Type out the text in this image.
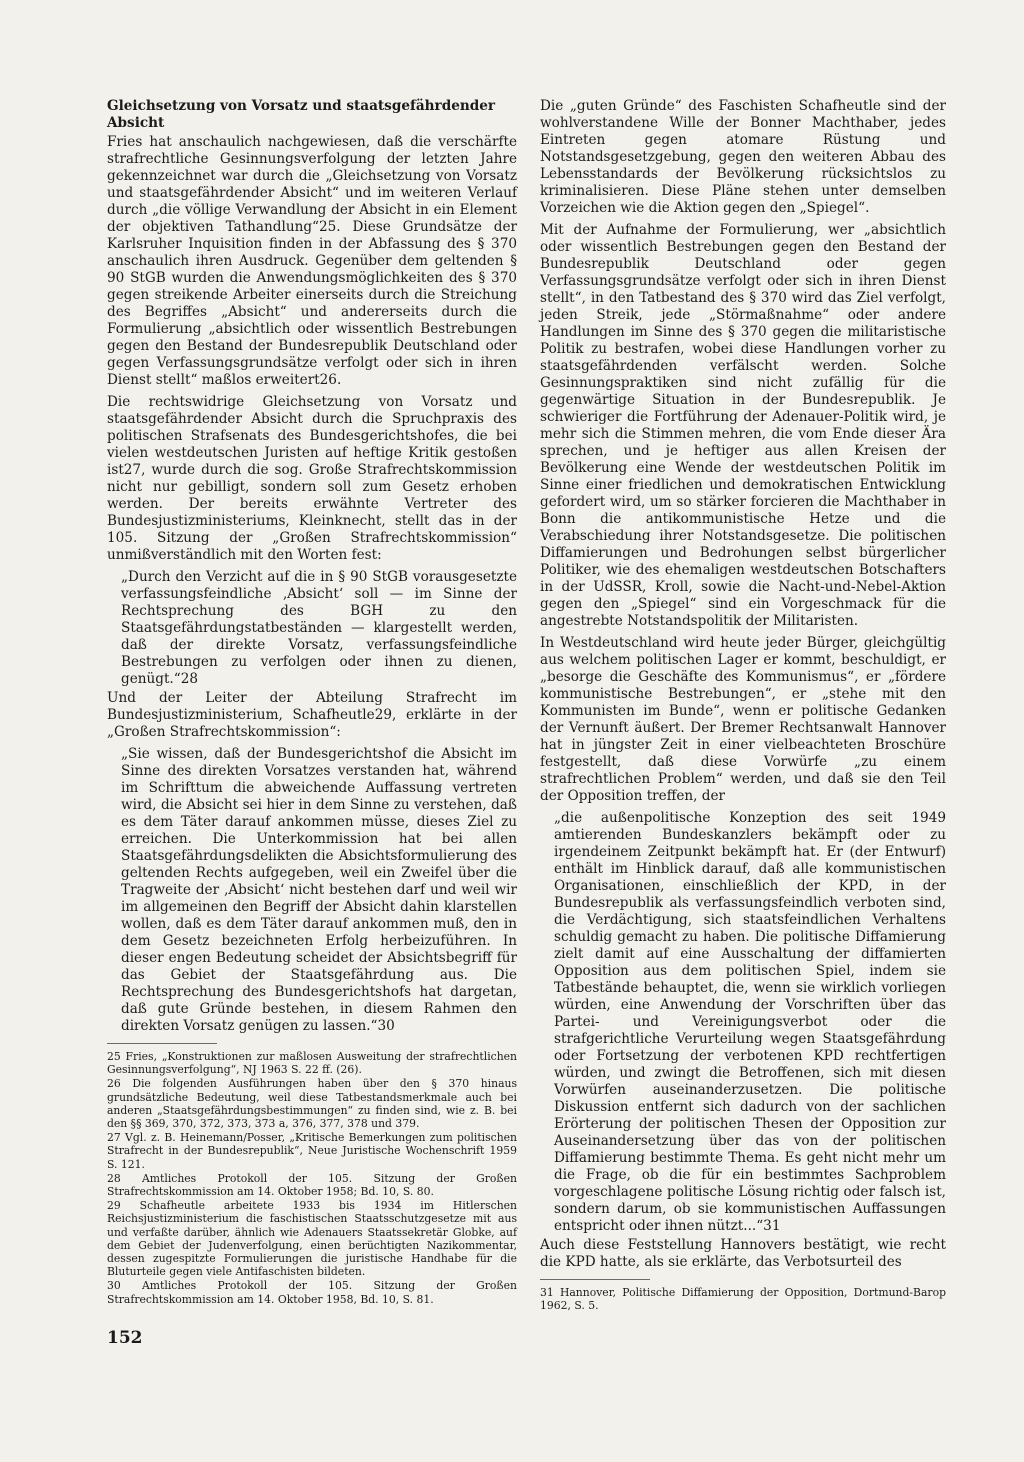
Gleichsetzung von Vorsatz und staatsgefährdender Absicht

Fries hat anschaulich nachgewiesen, daß die verschärfte strafrechtliche Gesinnungsverfolgung der letzten Jahre gekennzeichnet war durch die „Gleichsetzung von Vorsatz und staatsgefährdender Absicht“ und im weiteren Verlauf durch „die völlige Verwandlung der Absicht in ein Element der objektiven Tathandlung“25. Diese Grundsätze der Karlsruher Inquisition finden in der Abfassung des § 370 anschaulich ihren Ausdruck. Gegenüber dem geltenden § 90 StGB wurden die Anwendungsmöglichkeiten des § 370 gegen streikende Arbeiter einerseits durch die Streichung des Begriffes „Absicht“ und andererseits durch die Formulierung „absichtlich oder wissentlich Bestrebungen gegen den Bestand der Bundesrepublik Deutschland oder gegen Verfassungsgrundsätze verfolgt oder sich in ihren Dienst stellt“ maßlos erweitert26.

Die rechtswidrige Gleichsetzung von Vorsatz und staatsgefährdender Absicht durch die Spruchpraxis des politischen Strafsenats des Bundesgerichtshofes, die bei vielen westdeutschen Juristen auf heftige Kritik gestoßen ist27, wurde durch die sog. Große Strafrechtskommission nicht nur gebilligt, sondern soll zum Gesetz erhoben werden. Der bereits erwähnte Vertreter des Bundesjustizministeriums, Kleinknecht, stellt das in der 105. Sitzung der „Großen Strafrechtskommission“ unmißverständlich mit den Worten fest:

„Durch den Verzicht auf die in § 90 StGB vorausgesetzte verfassungsfeindliche ‚Absicht‘ soll — im Sinne der Rechtsprechung des BGH zu den Staatsgefährdungstatbeständen — klargestellt werden, daß der direkte Vorsatz, verfassungsfeindliche Bestrebungen zu verfolgen oder ihnen zu dienen, genügt.“28

Und der Leiter der Abteilung Strafrecht im Bundesjustizministerium, Schafheutle29, erklärte in der „Großen Strafrechtskommission“:

„Sie wissen, daß der Bundesgerichtshof die Absicht im Sinne des direkten Vorsatzes verstanden hat, während im Schrifttum die abweichende Auffassung vertreten wird, die Absicht sei hier in dem Sinne zu verstehen, daß es dem Täter darauf ankommen müsse, dieses Ziel zu erreichen. Die Unterkommission hat bei allen Staatsgefährdungsdelikten die Absichtsformulierung des geltenden Rechts aufgegeben, weil ein Zweifel über die Tragweite der ‚Absicht‘ nicht bestehen darf und weil wir im allgemeinen den Begriff der Absicht dahin klarstellen wollen, daß es dem Täter darauf ankommen muß, den in dem Gesetz bezeichneten Erfolg herbeizuführen. In dieser engen Bedeutung scheidet der Absichtsbegriff für das Gebiet der Staatsgefährdung aus. Die Rechtsprechung des Bundesgerichtshofs hat dargetan, daß gute Gründe bestehen, in diesem Rahmen den direkten Vorsatz genügen zu lassen.“30

25 Fries, „Konstruktionen zur maßlosen Ausweitung der strafrechtlichen Gesinnungsverfolgung“, NJ 1963 S. 22 ff. (26).

26 Die folgenden Ausführungen haben über den § 370 hinaus grundsätzliche Bedeutung, weil diese Tatbestandsmerkmale auch bei anderen „Staatsgefährdungsbestimmungen“ zu finden sind, wie z. B. bei den §§ 369, 370, 372, 373, 373 a, 376, 377, 378 und 379.

27 Vgl. z. B. Heinemann/Posser, „Kritische Bemerkungen zum politischen Strafrecht in der Bundesrepublik“, Neue Juristische Wochenschrift 1959 S. 121.

28 Amtliches Protokoll der 105. Sitzung der Großen Strafrechtskommission am 14. Oktober 1958; Bd. 10, S. 80.

29 Schafheutle arbeitete 1933 bis 1934 im Hitlerschen Reichsjustizministerium die faschistischen Staatsschutzgesetze mit aus und verfaßte darüber, ähnlich wie Adenauers Staatssekretär Globke, auf dem Gebiet der Judenverfolgung, einen berüchtigten Nazikommentar, dessen zugespitzte Formulierungen die juristische Handhabe für die Bluturteile gegen viele Antifaschisten bildeten.

30 Amtliches Protokoll der 105. Sitzung der Großen Strafrechtskommission am 14. Oktober 1958, Bd. 10, S. 81.

Die „guten Gründe“ des Faschisten Schafheutle sind der wohlverstandene Wille der Bonner Machthaber, jedes Eintreten gegen atomare Rüstung und Notstandsgesetzgebung, gegen den weiteren Abbau des Lebensstandards der Bevölkerung rücksichtslos zu kriminalisieren. Diese Pläne stehen unter demselben Vorzeichen wie die Aktion gegen den „Spiegel“.

Mit der Aufnahme der Formulierung, wer „absichtlich oder wissentlich Bestrebungen gegen den Bestand der Bundesrepublik Deutschland oder gegen Verfassungsgrundsätze verfolgt oder sich in ihren Dienst stellt“, in den Tatbestand des § 370 wird das Ziel verfolgt, jeden Streik, jede „Störmaßnahme“ oder andere Handlungen im Sinne des § 370 gegen die militaristische Politik zu bestrafen, wobei diese Handlungen vorher zu staatsgefährdenden verfälscht werden. Solche Gesinnungspraktiken sind nicht zufällig für die gegenwärtige Situation in der Bundesrepublik. Je schwieriger die Fortführung der Adenauer-Politik wird, je mehr sich die Stimmen mehren, die vom Ende dieser Ära sprechen, und je heftiger aus allen Kreisen der Bevölkerung eine Wende der westdeutschen Politik im Sinne einer friedlichen und demokratischen Entwicklung gefordert wird, um so stärker forcieren die Machthaber in Bonn die antikommunistische Hetze und die Verabschiedung ihrer Notstandsgesetze. Die politischen Diffamierungen und Bedrohungen selbst bürgerlicher Politiker, wie des ehemaligen westdeutschen Botschafters in der UdSSR, Kroll, sowie die Nacht-und-Nebel-Aktion gegen den „Spiegel“ sind ein Vorgeschmack für die angestrebte Notstandspolitik der Militaristen.

In Westdeutschland wird heute jeder Bürger, gleichgültig aus welchem politischen Lager er kommt, beschuldigt, er „besorge die Geschäfte des Kommunismus“, er „fördere kommunistische Bestrebungen“, er „stehe mit den Kommunisten im Bunde“, wenn er politische Gedanken der Vernunft äußert. Der Bremer Rechtsanwalt Hannover hat in jüngster Zeit in einer vielbeachteten Broschüre festgestellt, daß diese Vorwürfe „zu einem strafrechtlichen Problem“ werden, und daß sie den Teil der Opposition treffen, der

„die außenpolitische Konzeption des seit 1949 amtierenden Bundeskanzlers bekämpft oder zu irgendeinem Zeitpunkt bekämpft hat. Er (der Entwurf) enthält im Hinblick darauf, daß alle kommunistischen Organisationen, einschließlich der KPD, in der Bundesrepublik als verfassungsfeindlich verboten sind, die Verdächtigung, sich staatsfeindlichen Verhaltens schuldig gemacht zu haben. Die politische Diffamierung zielt damit auf eine Ausschaltung der diffamierten Opposition aus dem politischen Spiel, indem sie Tatbestände behauptet, die, wenn sie wirklich vorliegen würden, eine Anwendung der Vorschriften über das Partei- und Vereinigungsverbot oder die strafgerichtliche Verurteilung wegen Staatsgefährdung oder Fortsetzung der verbotenen KPD rechtfertigen würden, und zwingt die Betroffenen, sich mit diesen Vorwürfen auseinanderzusetzen. Die politische Diskussion entfernt sich dadurch von der sachlichen Erörterung der politischen Thesen der Opposition zur Auseinandersetzung über das von der politischen Diffamierung bestimmte Thema. Es geht nicht mehr um die Frage, ob die für ein bestimmtes Sachproblem vorgeschlagene politische Lösung richtig oder falsch ist, sondern darum, ob sie kommunistischen Auffassungen entspricht oder ihnen nützt...“31

Auch diese Feststellung Hannovers bestätigt, wie recht die KPD hatte, als sie erklärte, das Verbotsurteil des

31 Hannover, Politische Diffamierung der Opposition, Dortmund-Barop 1962, S. 5.

152
